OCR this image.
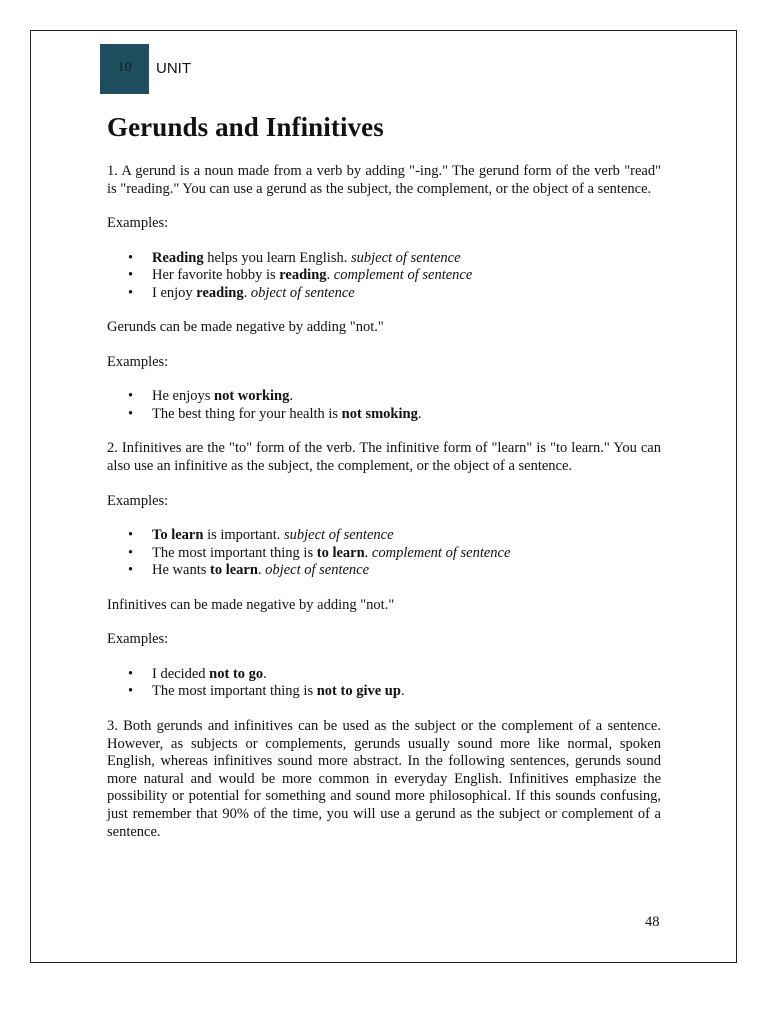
10 UNIT
Gerunds and Infinitives

1. A gerund is a noun made from a verb by adding "-ing." The gerund form of the verb "read" is "reading." You can use a gerund as the subject, the complement, or the object of a sentence.

Examples:

• Reading helps you learn English. subject of sentence
• Her favorite hobby is reading. complement of sentence
• I enjoy reading. object of sentence

Gerunds can be made negative by adding "not."

Examples:

• He enjoys not working.
• The best thing for your health is not smoking.

2. Infinitives are the "to" form of the verb. The infinitive form of "learn" is "to learn." You can also use an infinitive as the subject, the complement, or the object of a sentence.

Examples:

• To learn is important. subject of sentence
• The most important thing is to learn. complement of sentence
• He wants to learn. object of sentence

Infinitives can be made negative by adding "not."

Examples:

• I decided not to go.
• The most important thing is not to give up.

3. Both gerunds and infinitives can be used as the subject or the complement of a sentence. However, as subjects or complements, gerunds usually sound more like normal, spoken English, whereas infinitives sound more abstract. In the following sentences, gerunds sound more natural and would be more common in everyday English. Infinitives emphasize the possibility or potential for something and sound more philosophical. If this sounds confusing, just remember that 90% of the time, you will use a gerund as the subject or complement of a sentence.

48
